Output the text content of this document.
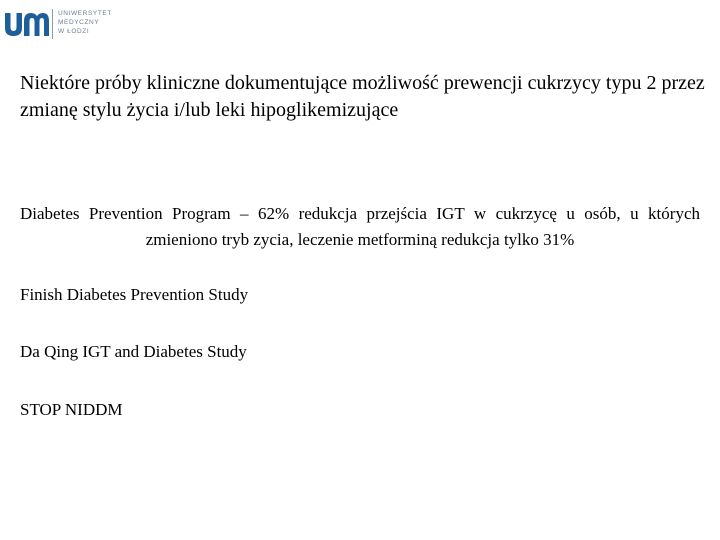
UNIWERSYTET
MEDYCZNY
W ŁODZI
Niektóre próby kliniczne dokumentujące możliwość prewencji cukrzycy typu 2 przez zmianę stylu życia i/lub leki hipoglikemizujące
Diabetes Prevention Program – 62% redukcja przejścia IGT w cukrzycę u osób, u których zmieniono tryb zycia, leczenie metforminą redukcja tylko 31%
Finish Diabetes Prevention Study
Da Qing IGT and Diabetes Study
STOP NIDDM
